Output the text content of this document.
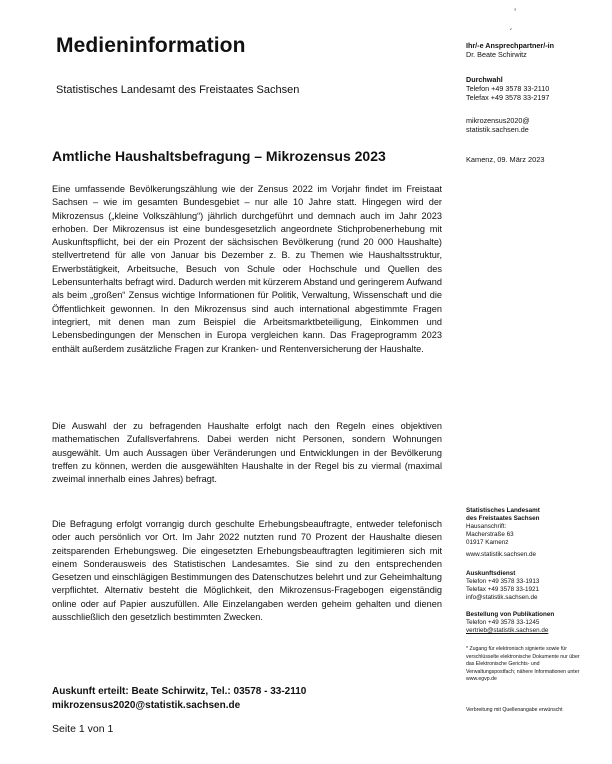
ʼ
ˏ
Medieninformation
Statistisches Landesamt des Freistaates Sachsen
Ihr/-e Ansprechpartner/-in
Dr. Beate Schirwitz
Durchwahl
Telefon +49 3578 33-2110
Telefax +49 3578 33-2197
mikrozensus2020@
statistik.sachsen.de
Amtliche Haushaltsbefragung – Mikrozensus 2023	Kamenz, 09. März 2023
Eine umfassende Bevölkerungszählung wie der Zensus 2022 im Vorjahr findet im Freistaat Sachsen – wie im gesamten Bundesgebiet – nur alle 10 Jahre statt. Hingegen wird der Mikrozensus („kleine Volkszählung“) jährlich durchgeführt und demnach auch im Jahr 2023 erhoben. Der Mikrozensus ist eine bundesgesetzlich angeordnete Stichprobenerhebung mit Auskunftspflicht, bei der ein Prozent der sächsischen Bevölkerung (rund 20 000 Haushalte) stellvertretend für alle von Januar bis Dezember z. B. zu Themen wie Haushaltsstruktur, Erwerbstätigkeit, Arbeitsuche, Besuch von Schule oder Hochschule und Quellen des Lebensunterhalts befragt wird. Dadurch werden mit kürzerem Abstand und geringerem Aufwand als beim „großen“ Zensus wichtige Informationen für Politik, Verwaltung, Wissenschaft und die Öffentlichkeit gewonnen. In den Mikrozensus sind auch international abgestimmte Fragen integriert, mit denen man zum Beispiel die Arbeitsmarktbeteiligung, Einkommen und Lebensbedingungen der Menschen in Europa vergleichen kann. Das Frageprogramm 2023 enthält außerdem zusätzliche Fragen zur Kranken- und Rentenversicherung der Haushalte.
Die Auswahl der zu befragenden Haushalte erfolgt nach den Regeln eines objektiven mathematischen Zufallsverfahrens. Dabei werden nicht Personen, sondern Wohnungen ausgewählt. Um auch Aussagen über Veränderungen und Entwicklungen in der Bevölkerung treffen zu können, werden die ausgewählten Haushalte in der Regel bis zu viermal (maximal zweimal innerhalb eines Jahres) befragt.
Die Befragung erfolgt vorrangig durch geschulte Erhebungsbeauftragte, entweder telefonisch oder auch persönlich vor Ort. Im Jahr 2022 nutzten rund 70 Prozent der Haushalte diesen zeitsparenden Erhebungsweg. Die eingesetzten Erhebungsbeauftragten legitimieren sich mit einem Sonderausweis des Statistischen Landesamtes. Sie sind zu den entsprechenden Gesetzen und einschlägigen Bestimmungen des Datenschutzes belehrt und zur Geheimhaltung verpflichtet. Alternativ besteht die Möglichkeit, den Mikrozensus-Fragebogen eigenständig online oder auf Papier auszufüllen. Alle Einzelangaben werden geheim gehalten und dienen ausschließlich den gesetzlich bestimmten Zwecken.
Statistisches Landesamt
des Freistaates Sachsen
Hausanschrift:
Macherstraße 63
01917 Kamenz
www.statistik.sachsen.de
Auskunftsdienst
Telefon +49 3578 33-1913
Telefax +49 3578 33-1921
info@statistik.sachsen.de
Bestellung von Publikationen
Telefon +49 3578 33-1245
vertrieb@statistik.sachsen.de
* Zugang für elektronisch signierte sowie für verschlüsselte elektronische Dokumente nur über das Elektronische Gerichts- und Verwaltungspostfach; nähere Informationen unter www.egvp.de
Verbreitung mit Quellenangabe erwünscht
Auskunft erteilt: Beate Schirwitz, Tel.: 03578 - 33-2110
mikrozensus2020@statistik.sachsen.de
Seite 1 von 1
